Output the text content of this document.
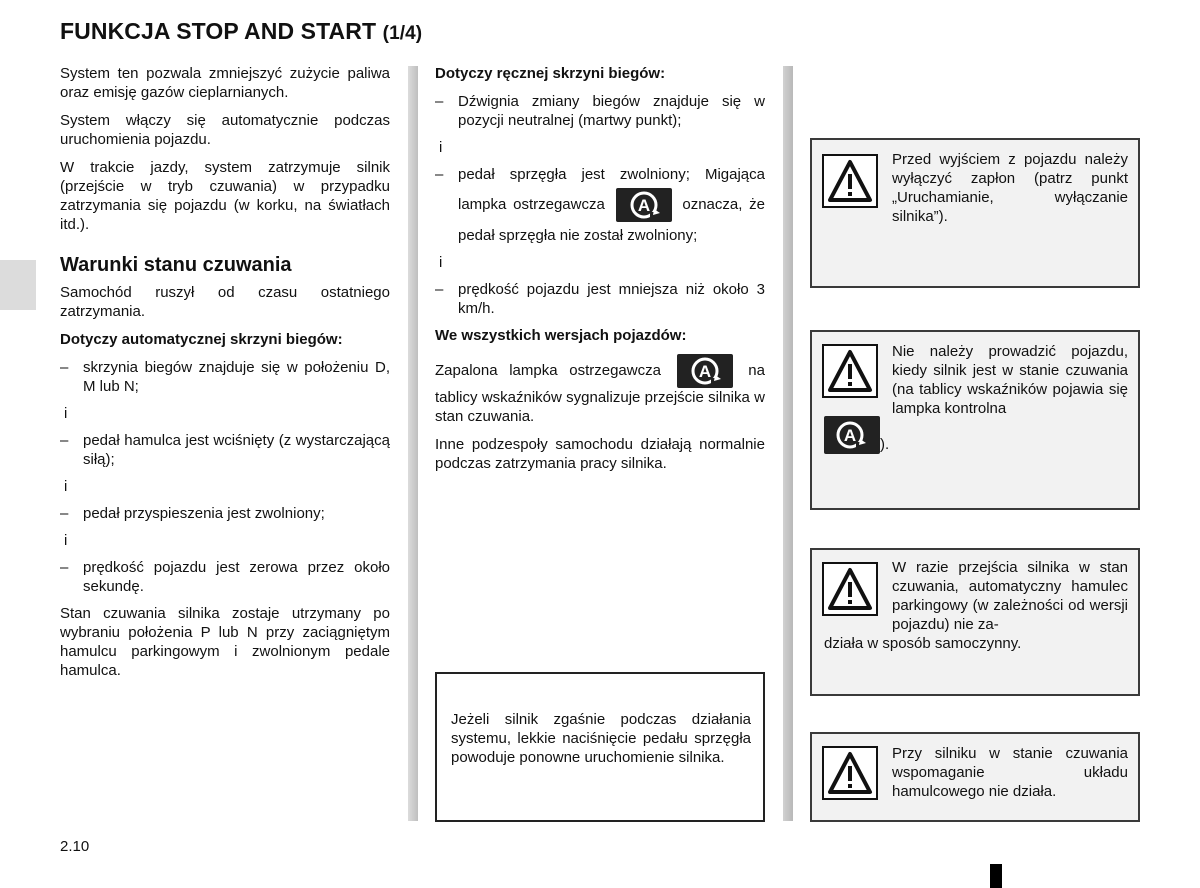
FUNKCJA STOP AND START (1/4)

System ten pozwala zmniejszyć zużycie paliwa oraz emisję gazów cieplarnianych.

System włączy się automatycznie podczas uruchomienia pojazdu.

W trakcie jazdy, system zatrzymuje silnik (przejście w tryb czuwania) w przypadku zatrzymania się pojazdu (w korku, na światłach itd.).

Warunki stanu czuwania

Samochód ruszył od czasu ostatniego zatrzymania.

Dotyczy automatycznej skrzyni biegów:

– skrzynia biegów znajduje się w położeniu D, M lub N;
i
– pedał hamulca jest wciśnięty (z wystarczającą siłą);
i
– pedał przyspieszenia jest zwolniony;
i
– prędkość pojazdu jest zerowa przez około sekundę.

Stan czuwania silnika zostaje utrzymany po wybraniu położenia P lub N przy zaciągniętym hamulcu parkingowym i zwolnionym pedale hamulca.

Dotyczy ręcznej skrzyni biegów:

– Dźwignia zmiany biegów znajduje się w pozycji neutralnej (martwy punkt);
i
– pedał sprzęgła jest zwolniony; Migająca lampka ostrzegawcza A oznacza, że pedał sprzęgła nie został zwolniony;
i
– prędkość pojazdu jest mniejsza niż około 3 km/h.

We wszystkich wersjach pojazdów:

Zapalona lampka ostrzegawcza A	na tablicy wskaźników sygnalizuje przejście silnika w stan czuwania.

Inne podzespoły samochodu działają normalnie podczas zatrzymania pracy silnika.

Jeżeli silnik zgaśnie podczas działania systemu, lekkie naciśnięcie pedału sprzęgła powoduje ponowne uruchomienie silnika.
Przed wyjściem z pojazdu należy wyłączyć zapłon (patrz punkt „Uruchamianie, wyłączanie silnika”).
Nie należy prowadzić pojazdu, kiedy silnik jest w stanie czuwania (na tablicy wskaźników pojawia się lampka kontrolna
A ).
W razie przejścia silnika w stan czuwania, automatyczny hamulec parkingowy (w zależności od wersji pojazdu) nie za-
działa w sposób samoczynny.
Przy silniku w stanie czuwania wspomaganie układu hamulcowego nie działa.
2.10
